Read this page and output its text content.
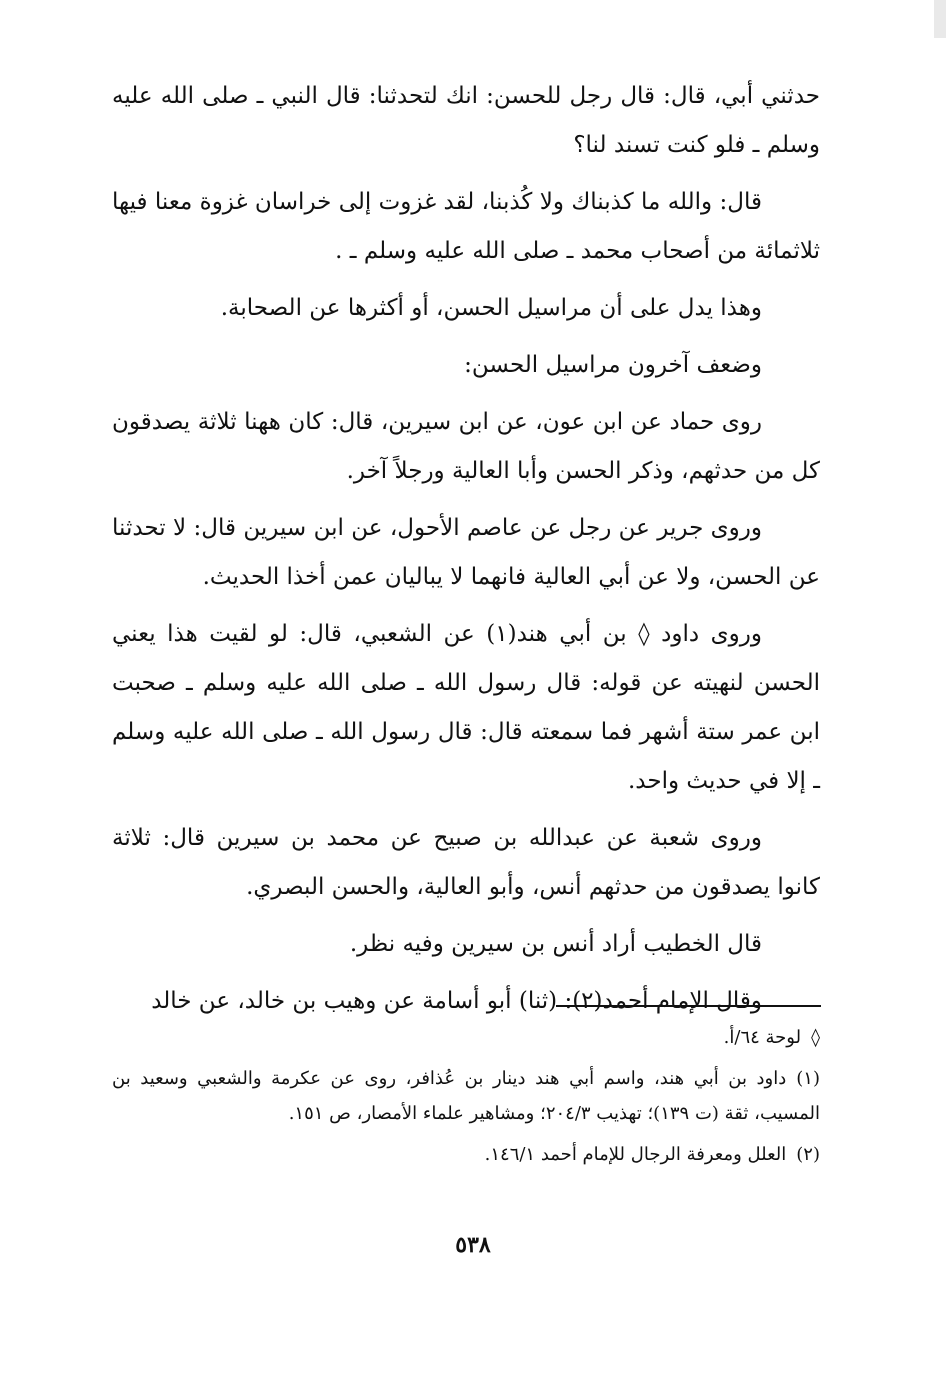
حدثني أبي، قال: قال رجل للحسن: انك لتحدثنا: قال النبي ـ صلى الله عليه وسلم ـ فلو كنت تسند لنا؟

قال: والله ما كذبناك ولا كُذبنا، لقد غزوت إلى خراسان غزوة معنا فيها ثلاثمائة من أصحاب محمد ـ صلى الله عليه وسلم ـ .

وهذا يدل على أن مراسيل الحسن، أو أكثرها عن الصحابة.

وضعف آخرون مراسيل الحسن:

روى حماد عن ابن عون، عن ابن سيرين، قال: كان ههنا ثلاثة يصدقون كل من حدثهم، وذكر الحسن وأبا العالية ورجلاً آخر.

وروى جرير عن رجل عن عاصم الأحول، عن ابن سيرين قال: لا تحدثنا عن الحسن، ولا عن أبي العالية فانهما لا يباليان عمن أخذا الحديث.

وروى داود ◊ بن أبي هند(١) عن الشعبي، قال: لو لقيت هذا يعني الحسن لنهيته عن قوله: قال رسول الله ـ صلى الله عليه وسلم ـ صحبت ابن عمر ستة أشهر فما سمعته قال: قال رسول الله ـ صلى الله عليه وسلم ـ إلا في حديث واحد.

وروى شعبة عن عبدالله بن صبيح عن محمد بن سيرين قال: ثلاثة كانوا يصدقون من حدثهم أنس، وأبو العالية، والحسن البصري.

قال الخطيب أراد أنس بن سيرين وفيه نظر.

وقال الإمام أحمد(٢): (ثنا) أبو أسامة عن وهيب بن خالد، عن خالد

◊لوحة ٦٤/أ.

(١)داود بن أبي هند، واسم أبي هند دينار بن عُذافر، روى عن عكرمة والشعبي وسعيد بن المسيب، ثقة (ت ١٣٩)؛ تهذيب ٢٠٤/٣؛ ومشاهير علماء الأمصار، ص ١٥١.

(٢)العلل ومعرفة الرجال للإمام أحمد ١٤٦/١.

٥٣٨
